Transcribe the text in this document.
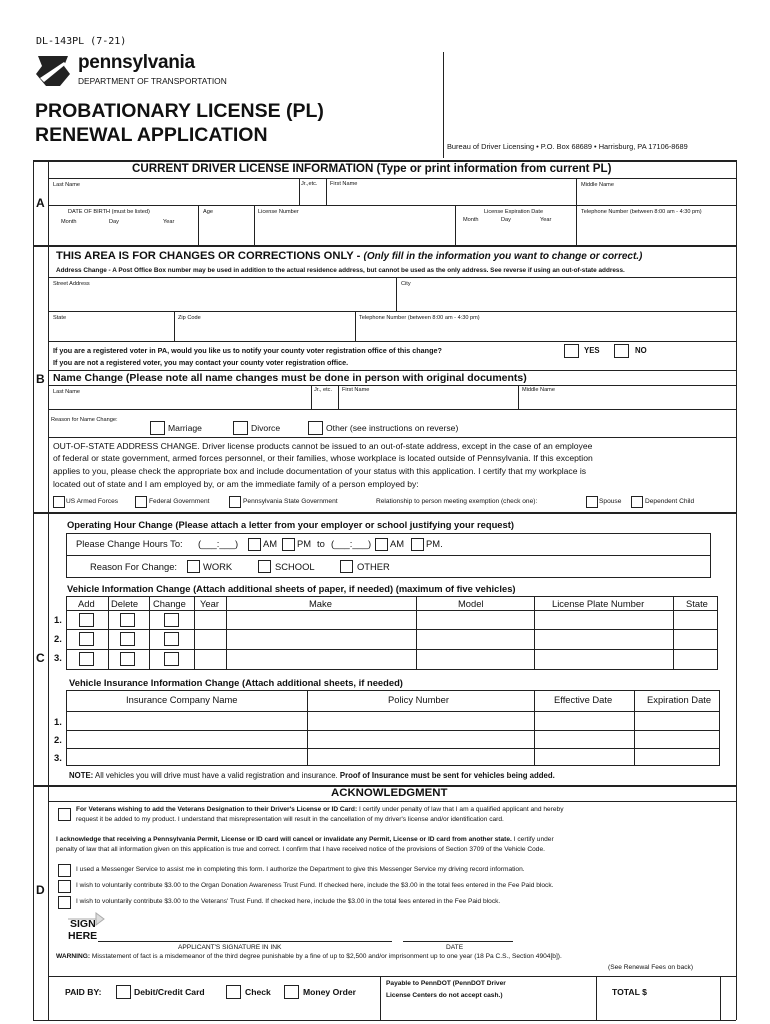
DL-143PL (7-21)
pennsylvania
DEPARTMENT OF TRANSPORTATION
PROBATIONARY LICENSE (PL)
RENEWAL APPLICATION
Bureau of Driver Licensing • P.O. Box 68689 • Harrisburg, PA 17106-8689
CURRENT DRIVER LICENSE INFORMATION (Type or print information from current PL)
A
Last Name	Jr.,etc. First Name	Middle Name
DATE OF BIRTH (must be listed)
Month	Day	Year
Age	License Number	License Expiration Date
Month	Day	Year
Telephone Number (between 8:00 am - 4:30 pm)
THIS AREA IS FOR CHANGES OR CORRECTIONS ONLY - (Only fill in the information you want to change or correct.)
Address Change - A Post Office Box number may be used in addition to the actual residence address, but cannot be used as the only address. See reverse if using an out-of-state address.
Street Address	City
State	Zip Code	Telephone Number (between 8:00 am - 4:30 pm)
If you are a registered voter in PA, would you like us to notify your county voter registration office of this change?	YES	NO
If you are not a registered voter, you may contact your county voter registration office.
B Name Change (Please note all name changes must be done in person with original documents)
Last Name	Jr., etc. First Name	Middle Name
Reason for Name Change:
Marriage	Divorce	Other (see instructions on reverse)
OUT-OF-STATE ADDRESS CHANGE. Driver license products cannot be issued to an out-of-state address, except in the case of an employee
of federal or state government, armed forces personnel, or their families, whose workplace is located outside of Pennsylvania. If this exception
applies to you, please check the appropriate box and include documentation of your status with this application. I certify that my workplace is
located out of state and I am employed by, or am the immediate family of a person employed by:
US Armed Forces	Federal Government	Pennsylvania State Government	Relationship to person meeting exemption (check one):	Spouse	Dependent Child
Operating Hour Change (Please attach a letter from your employer or school justifying your request)
Please Change Hours To: (___:___)	AM PM to (___:___) AM PM.
Reason For Change:	WORK	SCHOOL	OTHER
Vehicle Information Change (Attach additional sheets of paper, if needed) (maximum of five vehicles)
Add Delete Change Year	Make	Model	License Plate Number	State
1.
2.
3.
C
Vehicle Insurance Information Change (Attach additional sheets, if needed)
Insurance Company Name	Policy Number	Effective Date	Expiration Date
1.
2.
3.
NOTE: All vehicles you will drive must have a valid registration and insurance. Proof of Insurance must be sent for vehicles being added.
ACKNOWLEDGMENT
For Veterans wishing to add the Veterans Designation to their Driver's License or ID Card: I certify under penalty of law that I am a qualified applicant and hereby
request it be added to my product. I understand that misrepresentation will result in the cancellation of my driver's license and/or identification card.
I acknowledge that receiving a Pennsylvania Permit, License or ID card will cancel or invalidate any Permit, License or ID card from another state. I certify under
penalty of law that all information given on this application is true and correct. I confirm that I have received notice of the provisions of Section 3709 of the Vehicle Code.
I used a Messenger Service to assist me in completing this form. I authorize the Department to give this Messenger Service my driving record information.
I wish to voluntarily contribute $3.00 to the Organ Donation Awareness Trust Fund. If checked here, include the $3.00 in the total fees entered in the Fee Paid block.
D
I wish to voluntarily contribute $3.00 to the Veterans' Trust Fund. If checked here, include the $3.00 in the total fees entered in the Fee Paid block.
SIGN
HERE
APPLICANT'S SIGNATURE IN INK	DATE
WARNING: Misstatement of fact is a misdemeanor of the third degree punishable by a fine of up to $2,500 and/or imprisonment up to one year (18 Pa C.S., Section 4904[b]).
(See Renewal Fees on back)
PAID BY:	Debit/Credit Card	Check	Money Order
Payable to PennDOT (PennDOT Driver
License Centers do not accept cash.)	TOTAL $
